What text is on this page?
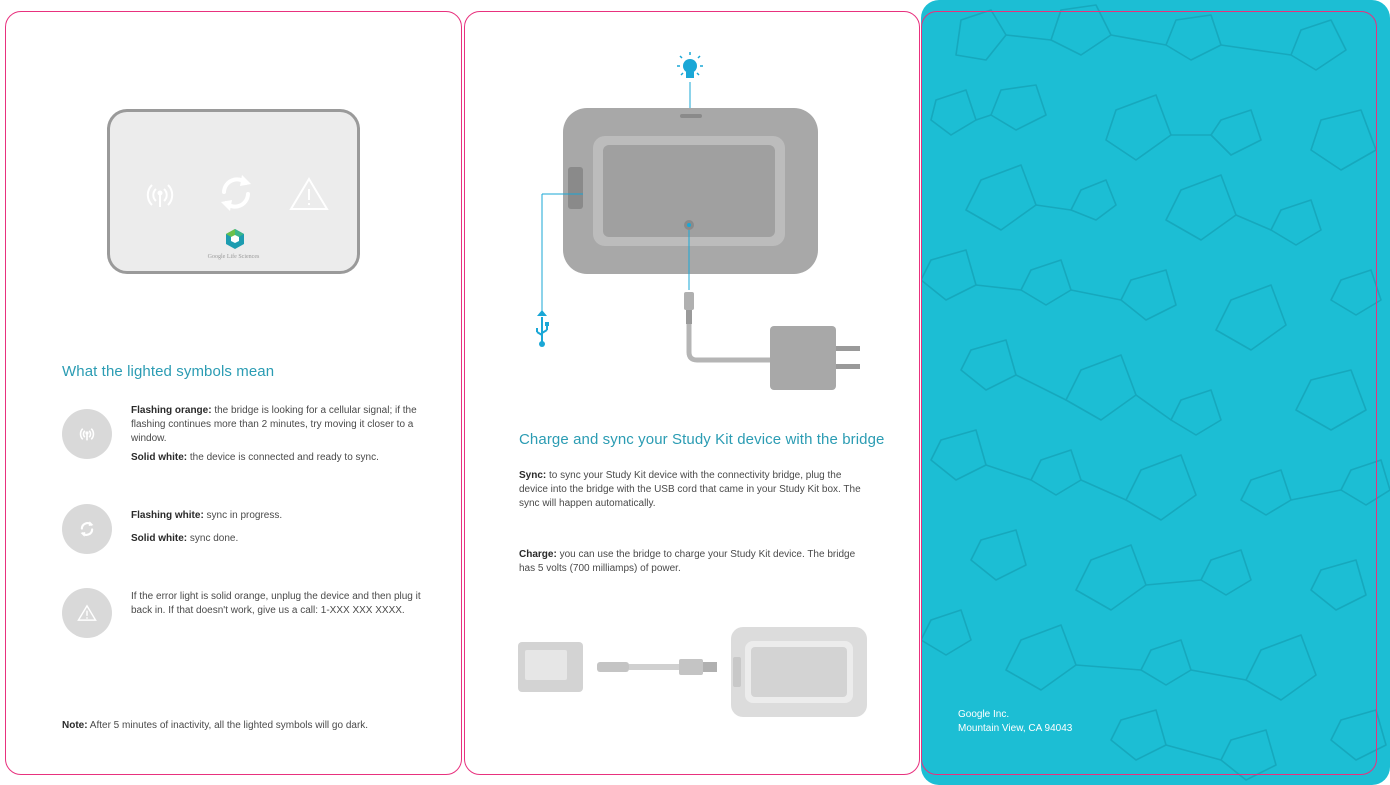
Google Life Sciences
What the lighted symbols mean
Flashing orange: the bridge is looking for a cellular signal; if the flashing continues more than 2 minutes, try moving it closer to a window.
Solid white: the device is connected and ready to sync.
Flashing white: sync in progress.
Solid white: sync done.
If the error light is solid orange, unplug the device and then plug it back in. If that doesn't work, give us a call: 1-XXX XXX XXXX.
Note: After 5 minutes of inactivity, all the lighted symbols will go dark.
Charge and sync your Study Kit device with the bridge
Sync: to sync your Study Kit device with the connectivity bridge, plug the device into the bridge with the USB cord that came in your Study Kit box. The sync will happen automatically.
Charge: you can use the bridge to charge your Study Kit device. The bridge has 5 volts (700 milliamps) of power.
Google Inc.
Mountain View, CA 94043
